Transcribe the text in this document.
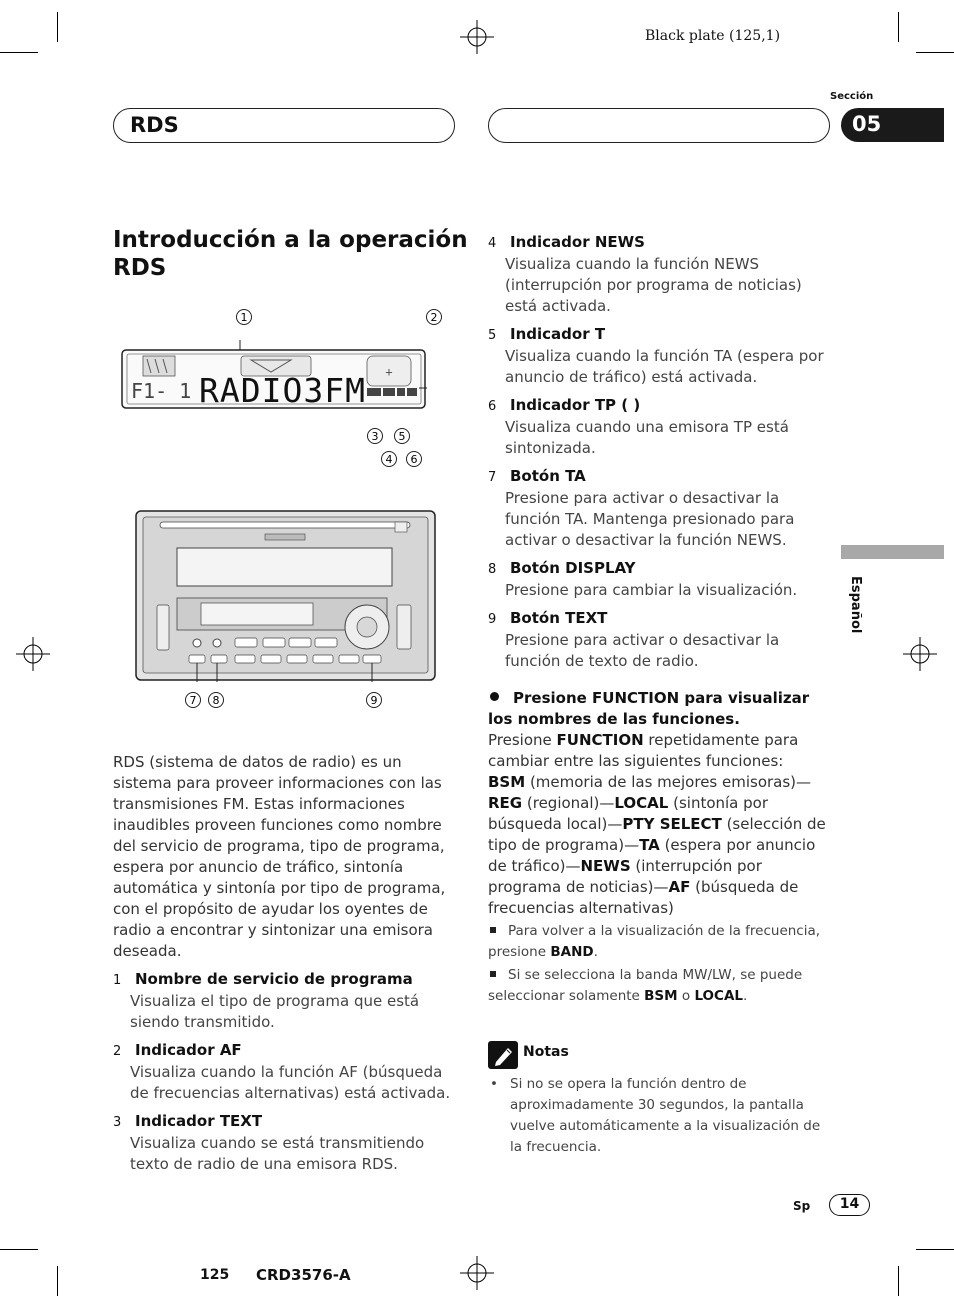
Black plate (125,1)
Sección
RDS	05
Español
Introducción a la operación RDS
1	2
+
F1- 1 RADIO3FM
3 5
4 6
7 8	9

RDS (sistema de datos de radio) es un sistema para proveer informaciones con las transmisiones FM. Estas informaciones inaudibles proveen funciones como nombre del servicio de programa, tipo de programa, espera por anuncio de tráfico, sintonía automática y sintonía por tipo de programa, con el propósito de ayudar los oyentes de radio a encontrar y sintonizar una emisora deseada.

1 Nombre de servicio de programa
Visualiza el tipo de programa que está siendo transmitido.
2 Indicador AF
Visualiza cuando la función AF (búsqueda de frecuencias alternativas) está activada.
3 Indicador TEXT
Visualiza cuando se está transmitiendo texto de radio de una emisora RDS.
4 Indicador NEWS
Visualiza cuando la función NEWS (interrupción por programa de noticias) está activada.
5 Indicador T
Visualiza cuando la función TA (espera por anuncio de tráfico) está activada.
6 Indicador TP ( )
Visualiza cuando una emisora TP está sintonizada.
7 Botón TA
Presione para activar o desactivar la función TA. Mantenga presionado para activar o desactivar la función NEWS.
8 Botón DISPLAY
Presione para cambiar la visualización.
9 Botón TEXT
Presione para activar o desactivar la función de texto de radio.
Presione FUNCTION para visualizar los nombres de las funciones.

Presione FUNCTION repetidamente para cambiar entre las siguientes funciones:

BSM (memoria de las mejores emisoras)—REG (regional)—LOCAL (sintonía por búsqueda local)—PTY SELECT (selección de tipo de programa)—TA (espera por anuncio de tráfico)—NEWS (interrupción por programa de noticias)—AF (búsqueda de frecuencias alternativas)

Para volver a la visualización de la frecuencia, presione BAND.

Si se selecciona la banda MW/LW, se puede seleccionar solamente BSM o LOCAL.

Notas
• Si no se opera la función dentro de aproximadamente 30 segundos, la pantalla vuelve automáticamente a la visualización de la frecuencia.
Sp	14
125 CRD3576-A
